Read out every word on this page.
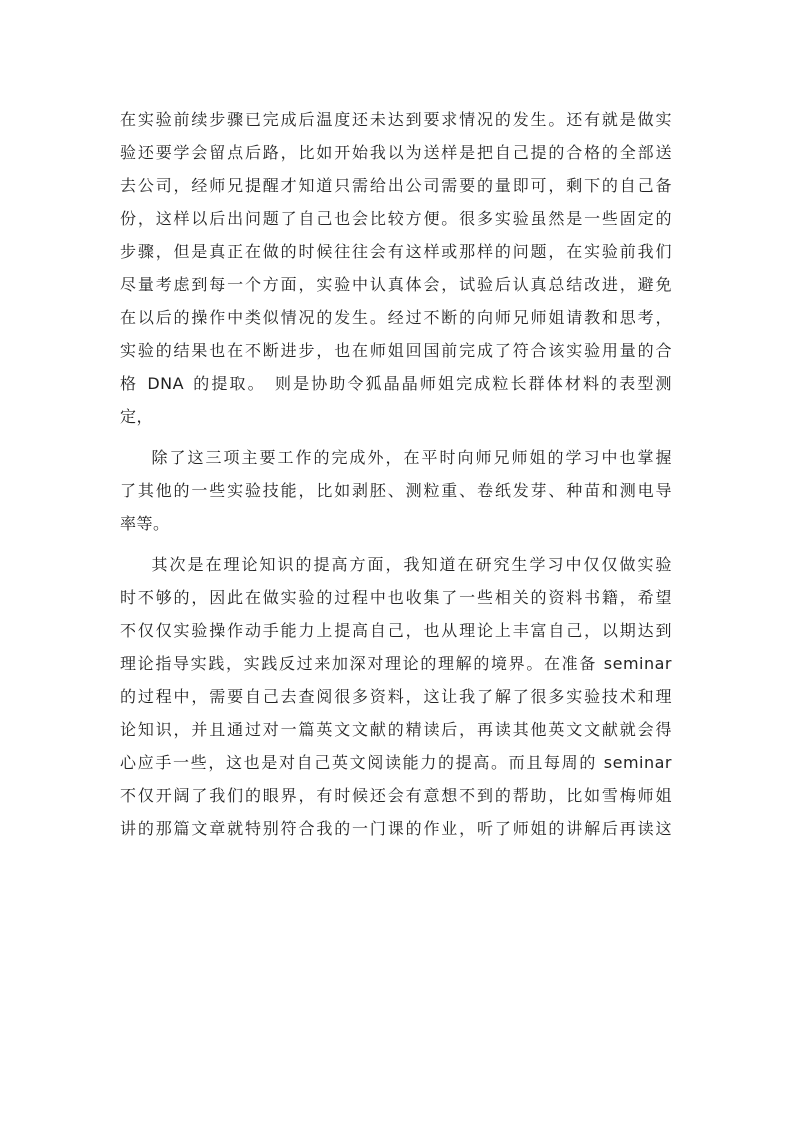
在实验前续步骤已完成后温度还未达到要求情况的发生。还有就是做实
验还要学会留点后路，比如开始我以为送样是把自己提的合格的全部送
去公司，经师兄提醒才知道只需给出公司需要的量即可，剩下的自己备
份，这样以后出问题了自己也会比较方便。很多实验虽然是一些固定的
步骤，但是真正在做的时候往往会有这样或那样的问题，在实验前我们
尽量考虑到每一个方面，实验中认真体会，试验后认真总结改进，避免
在以后的操作中类似情况的发生。经过不断的向师兄师姐请教和思考，
实验的结果也在不断进步，也在师姐回国前完成了符合该实验用量的合
格 DNA 的提取。 则是协助令狐晶晶师姐完成粒长群体材料的表型测
定，
除了这三项主要工作的完成外，在平时向师兄师姐的学习中也掌握
了其他的一些实验技能，比如剥胚、测粒重、卷纸发芽、种苗和测电导
率等。
其次是在理论知识的提高方面，我知道在研究生学习中仅仅做实验
时不够的，因此在做实验的过程中也收集了一些相关的资料书籍，希望
不仅仅实验操作动手能力上提高自己，也从理论上丰富自己，以期达到
理论指导实践，实践反过来加深对理论的理解的境界。在准备 seminar
的过程中，需要自己去查阅很多资料，这让我了解了很多实验技术和理
论知识，并且通过对一篇英文文献的精读后，再读其他英文文献就会得
心应手一些，这也是对自己英文阅读能力的提高。而且每周的 seminar
不仅开阔了我们的眼界，有时候还会有意想不到的帮助，比如雪梅师姐
讲的那篇文章就特别符合我的一门课的作业，听了师姐的讲解后再读这
